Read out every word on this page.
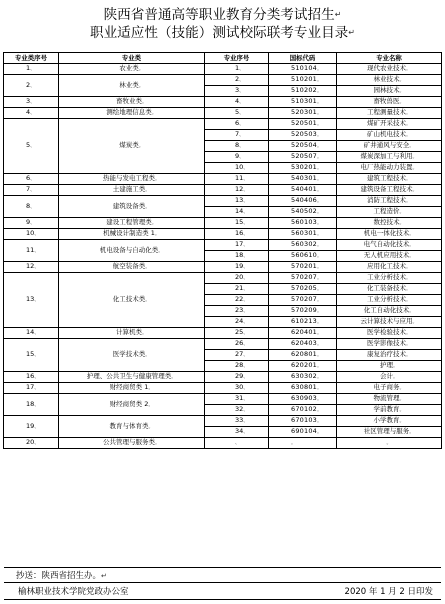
陕西省普通高等职业教育分类考试招生↵
职业适应性（技能）测试校际联考专业目录↵
专业类序号	专业类	专业序号	国标代码	专业名称
1、	农业类。	1、	510104。	现代农业技术。
2、	林业类。	2、	510201。	林业技术。
		3、	510202。	园林技术。
3、	畜牧业类。	4、	510301。	畜牧兽医。
4、	测绘地理信息类。	5、	520301。	工程测量技术。
5、	煤炭类。	6、	520501。	煤矿开采技术。
		7、	520503。	矿山机电技术。
		8、	520504。	矿井通风与安全。
		9、	520507。	煤炭深加工与利用。
		10、	530201。	电厂热能动力装置。
6、	热能与发电工程类。	11、	540301。	建筑工程技术。
7、	土建施工类。	12、	540401。	建筑设备工程技术。
8、	建筑设备类。	13、	540406。	消防工程技术。
		14、	540502。	工程造价。
9、	建设工程管理类。	15、	560103。	数控技术。
10、	机械设计制造类 1。	16、	560301。	机电一体化技术。
11、	机电设备与自动化类。	17、	560302。	电气自动化技术。
		18、	560610。	无人机应用技术。
12、	航空装备类。	19、	570201。	应用化工技术。
13、	化工技术类。	20、	570207。	工业分析技术。
		21、	570205。	化工装备技术。
		22、	570207。	工业分析技术。
		23、	570209。	化工自动化技术。
		24、	610213。	云计算技术与应用。
14、	计算机类。	25、	620401。	医学检验技术。
15、	医学技术类。	26、	620403。	医学影像技术。
		27、	620801。	康复治疗技术。
		28、	620201。	护理。
16、	护理、公共卫生与健康管理类。	29、	630302。	会计。
17、	财经商贸类 1。	30、	630801。	电子商务。
18、	财经商贸类 2。	31、	630903。	物流管理。
		32、	670102。	学前教育。
19、	教育与体育类。	33、	670103。	小学教育。
		34、	690104。	社区管理与服务。
20、	公共管理与服务类。	、	。	。
抄送：陕西省招生办。↵
榆林职业技术学院党政办公室	2020 年 1 月 2 日印发
